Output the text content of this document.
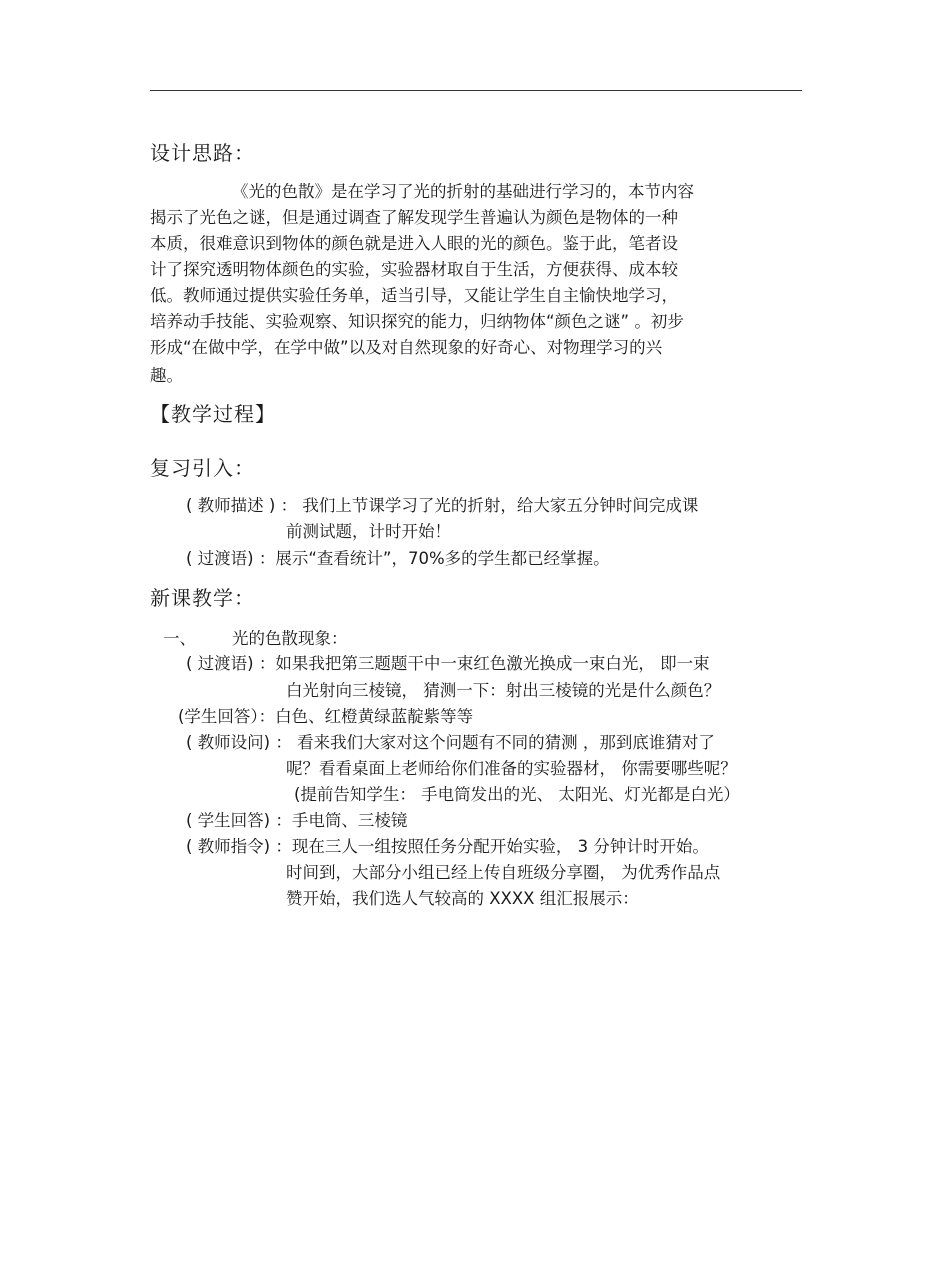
设计思路：
《光的色散》是在学习了光的折射的基础进行学习的，本节内容
揭示了光色之谜，但是通过调查了解发现学生普遍认为颜色是物体的一种
本质，很难意识到物体的颜色就是进入人眼的光的颜色。鉴于此，笔者设
计了探究透明物体颜色的实验，实验器材取自于生活，方便获得、成本较
低。教师通过提供实验任务单，适当引导，又能让学生自主愉快地学习，
培养动手技能、实验观察、知识探究的能力，归纳物体“颜色之谜” 。初步
形成“在做中学，在学中做”以及对自然现象的好奇心、对物理学习的兴
趣。
【教学过程】
复习引入：
( 教师描述 ) ： 我们上节课学习了光的折射，给大家五分钟时间完成课
前测试题，计时开始！
( 过渡语) ：展示“查看统计”，70%多的学生都已经掌握。
新课教学：
一、 光的色散现象：
( 过渡语) ：如果我把第三题题干中一束红色激光换成一束白光， 即一束
白光射向三棱镜， 猜测一下：射出三棱镜的光是什么颜色？
(学生回答）：白色、红橙黄绿蓝靛紫等等
( 教师设问) ： 看来我们大家对这个问题有不同的猜测 ，那到底谁猜对了
呢？看看桌面上老师给你们准备的实验器材， 你需要哪些呢？
(提前告知学生： 手电筒发出的光、 太阳光、灯光都是白光）
( 学生回答) ：手电筒、三棱镜
( 教师指令) ：现在三人一组按照任务分配开始实验， 3 分钟计时开始。
时间到，大部分小组已经上传自班级分享圈， 为优秀作品点
赞开始，我们选人气较高的 XXXX 组汇报展示：
